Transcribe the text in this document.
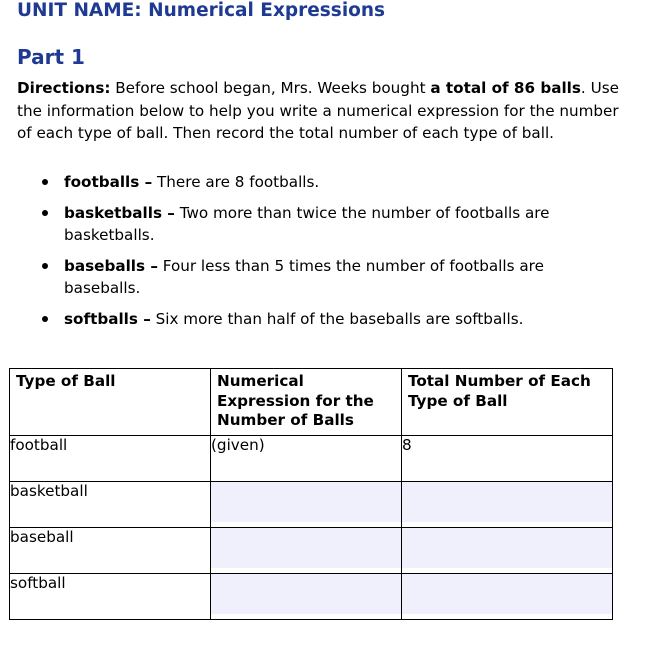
UNIT NAME: Numerical Expressions
Part 1

Directions: Before school began, Mrs. Weeks bought a total of 86 balls. Use the information below to help you write a numerical expression for the number of each type of ball. Then record the total number of each type of ball.

footballs – There are 8 footballs.
basketballs – Two more than twice the number of footballs are basketballs.
baseballs – Four less than 5 times the number of footballs are baseballs.
softballs – Six more than half of the baseballs are softballs.
Type of Ball	Numerical Expression for the Number of Balls	Total Number of Each Type of Ball
football	(given)	8
basketball	

baseball	

softball	
